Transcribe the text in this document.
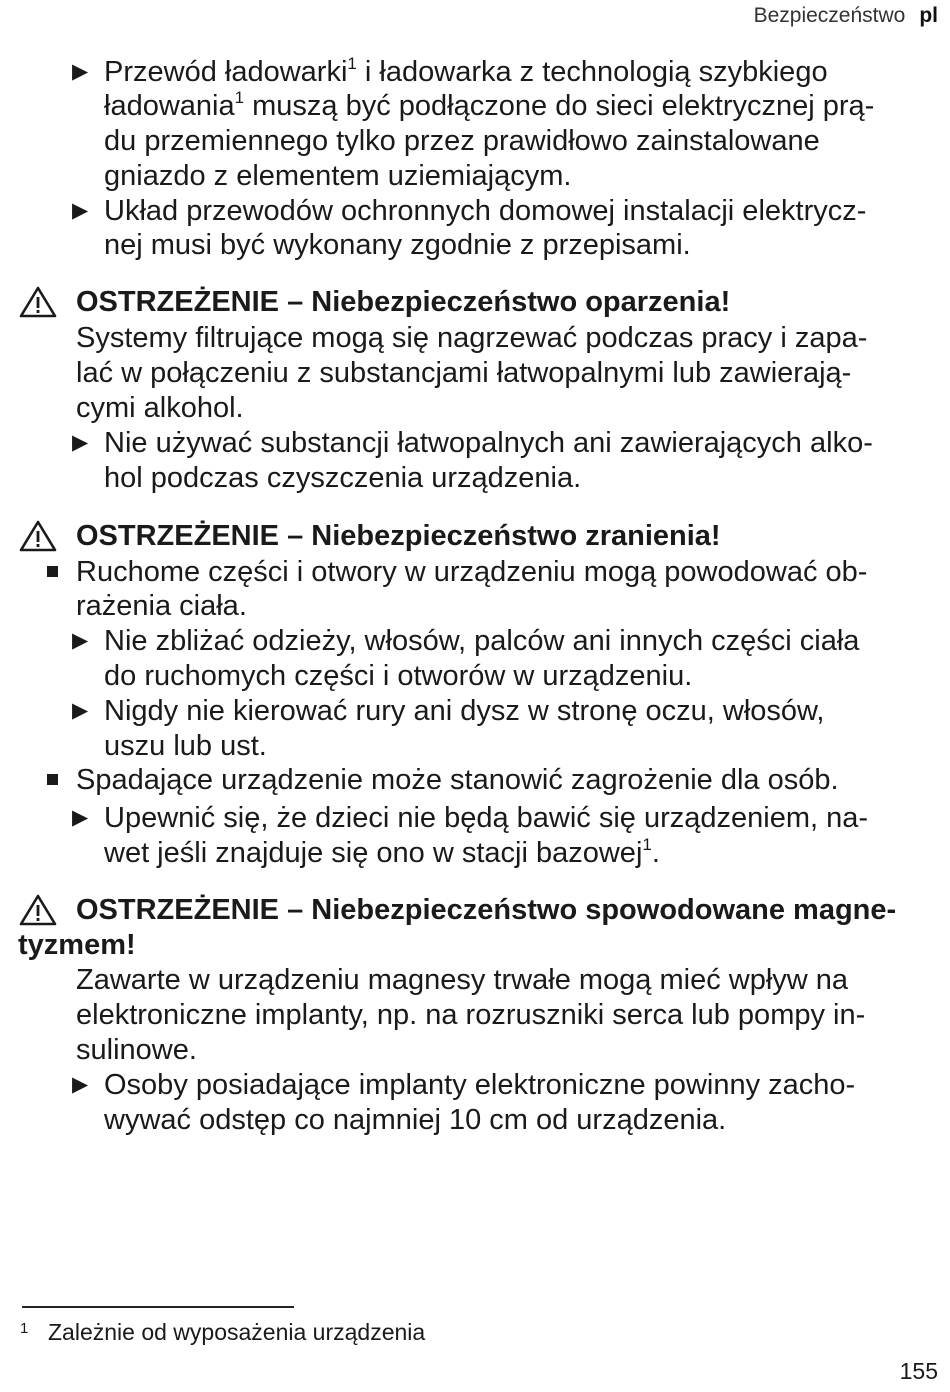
Bezpieczeństwo pl
▶ Przewód ładowarki$^1$ i ładowarka z technologią szybkiego
ładowania$^1$ muszą być podłączone do sieci elektrycznej prą-
du przemiennego tylko przez prawidłowo zainstalowane
gniazdo z elementem uziemiającym.
▶ Układ przewodów ochronnych domowej instalacji elektrycz-
nej musi być wykonany zgodnie z przepisami.
OSTRZEŻENIE – Niebezpieczeństwo oparzenia!
Systemy filtrujące mogą się nagrzewać podczas pracy i zapa-
lać w połączeniu z substancjami łatwopalnymi lub zawierają-
cymi alkohol.
▶ Nie używać substancji łatwopalnych ani zawierających alko-
hol podczas czyszczenia urządzenia.
OSTRZEŻENIE – Niebezpieczeństwo zranienia!
Ruchome części i otwory w urządzeniu mogą powodować ob-
rażenia ciała.
▶ Nie zbliżać odzieży, włosów, palców ani innych części ciała
do ruchomych części i otworów w urządzeniu.
▶ Nigdy nie kierować rury ani dysz w stronę oczu, włosów,
uszu lub ust.
Spadające urządzenie może stanowić zagrożenie dla osób.
▶ Upewnić się, że dzieci nie będą bawić się urządzeniem, na-
wet jeśli znajduje się ono w stacji bazowej$^1$.
OSTRZEŻENIE – Niebezpieczeństwo spowodowane magne-
tyzmem!
Zawarte w urządzeniu magnesy trwałe mogą mieć wpływ na
elektroniczne implanty, np. na rozruszniki serca lub pompy in-
sulinowe.
▶ Osoby posiadające implanty elektroniczne powinny zacho-
wywać odstęp co najmniej 10 cm od urządzenia.
1 Zależnie od wyposażenia urządzenia
155
